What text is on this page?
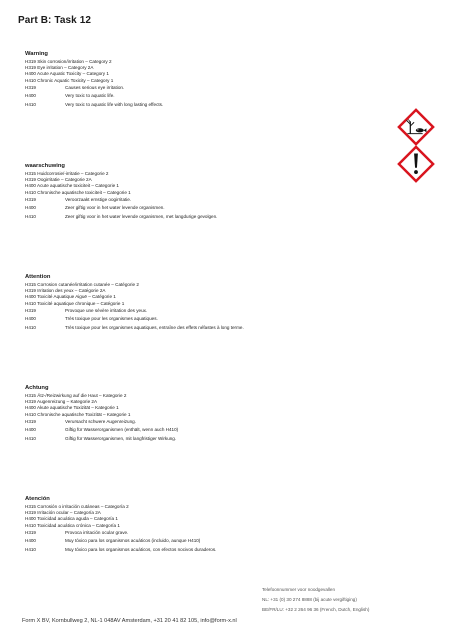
Part B: Task 12
Warning
H319 Skin corrosion/irritation – Category 2
H319 Eye irritation – Category 2A
H400 Acute Aquatic Toxicity – Category 1
H410 Chronic Aquatic Toxicity – Category 1
H319	Causes serious eye irritation.
H400	Very toxic to aquatic life.
H410	Very toxic to aquatic life with long lasting effects.
waarschuwing
H315 Huidcorrosie/-irritatie – Categorie 2
H319 Oogirritatie – Categorie 2A
H400 Acute aquatische toxiciteit – Categorie 1
H410 Chronische aquatische toxiciteit – Categorie 1
H319	Veroorzaakt ernstige oogirritatie.
H400	Zeer giftig voor in het water levende organismen.
H410	Zeer giftig voor in het water levende organismen, met langdurige gevolgen.
Attention
H315 Corrosion cutanée/irritation cutanée – Catégorie 2
H319 Irritation des yeux – Catégorie 2A
H400 Toxicité Aquatique Aiguë – Catégorie 1
H410 Toxicité aquatique chronique – Catégorie 1
H319	Provoque une sévère irritation des yeux.
H400	Très toxique pour les organismes aquatiques.
H410	Très toxique pour les organismes aquatiques, entraîne des effets néfastes à long terme.
Achtung
H315 Ätz-/Reizwirkung auf die Haut – Kategorie 2
H319 Augenreizung – Kategorie 2A
H400 Akute aquatische Toxizität – Kategorie 1
H410 Chronische aquatische Toxizität – Kategorie 1
H319	Verursacht schwere Augenreizung.
H400	Giftig für Wasserorganismen (enthält, wenn auch H410)
H410	Giftig für Wasserorganismen, mit langfristiger Wirkung.
Atención
H315 Corrosión o irritación cutáneas – Categoría 2
H319 Irritación ocular – Categoría 2A
H400 Toxicidad acuática aguda – Categoría 1
H410 Toxicidad acuática crónica – Categoría 1
H319	Provoca irritación ocular grave.
H400	Muy tóxico para los organismos acuáticos (incluido, aunque H410)
H410	Muy tóxico para los organismos acuáticos, con efectos nocivos duraderos.
Telefoonnummer voor noodgevallen
NL: +31 (0) 30 274 8888 (bij acute vergiftiging)
BE/FR/LU: +32 2 264 96 36 (French, Dutch, English)
Form X BV, Kornbullweg 2, NL-1 048AV Amsterdam, +31 20 41 82 105, info@form-x.nl
